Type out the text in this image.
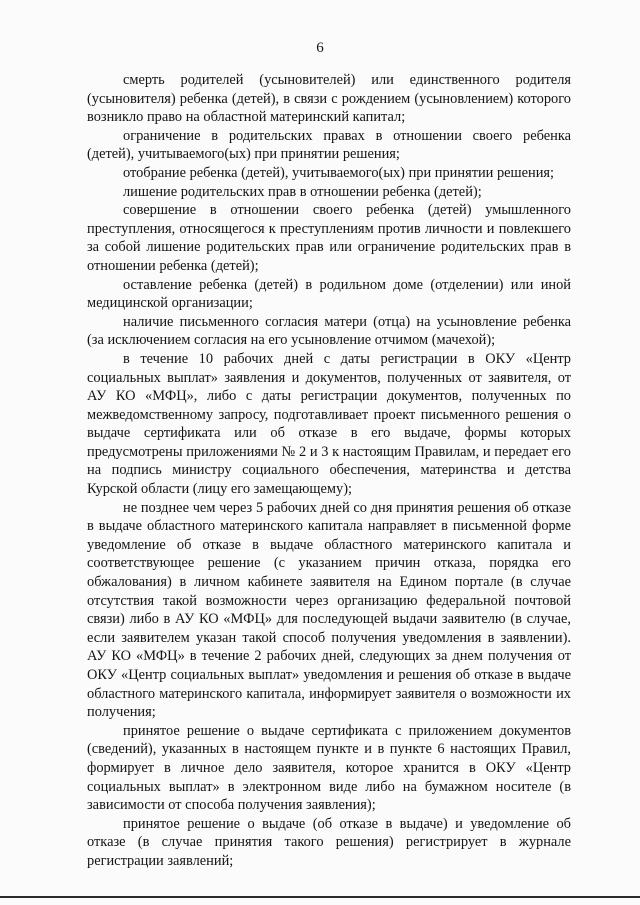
6

смерть родителей (усыновителей) или единственного родителя (усыновителя) ребенка (детей), в связи с рождением (усыновлением) которого возникло право на областной материнский капитал;

ограничение в родительских правах в отношении своего ребенка (детей), учитываемого(ых) при принятии решения;

отобрание ребенка (детей), учитываемого(ых) при принятии решения;

лишение родительских прав в отношении ребенка (детей);

совершение в отношении своего ребенка (детей) умышленного преступления, относящегося к преступлениям против личности и повлекшего за собой лишение родительских прав или ограничение родительских прав в отношении ребенка (детей);

оставление ребенка (детей) в родильном доме (отделении) или иной медицинской организации;

наличие письменного согласия матери (отца) на усыновление ребенка (за исключением согласия на его усыновление отчимом (мачехой);

в течение 10 рабочих дней с даты регистрации в ОКУ «Центр социальных выплат» заявления и документов, полученных от заявителя, от АУ КО «МФЦ», либо с даты регистрации документов, полученных по межведомственному запросу, подготавливает проект письменного решения о выдаче сертификата или об отказе в его выдаче, формы которых предусмотрены приложениями № 2 и 3 к настоящим Правилам, и передает его на подпись министру социального обеспечения, материнства и детства Курской области (лицу его замещающему);

не позднее чем через 5 рабочих дней со дня принятия решения об отказе в выдаче областного материнского капитала направляет в письменной форме уведомление об отказе в выдаче областного материнского капитала и соответствующее решение (с указанием причин отказа, порядка его обжалования) в личном кабинете заявителя на Едином портале (в случае отсутствия такой возможности через организацию федеральной почтовой связи) либо в АУ КО «МФЦ» для последующей выдачи заявителю (в случае, если заявителем указан такой способ получения уведомления в заявлении). АУ КО «МФЦ» в течение 2 рабочих дней, следующих за днем получения от ОКУ «Центр социальных выплат» уведомления и решения об отказе в выдаче областного материнского капитала, информирует заявителя о возможности их получения;

принятое решение о выдаче сертификата с приложением документов (сведений), указанных в настоящем пункте и в пункте 6 настоящих Правил, формирует в личное дело заявителя, которое хранится в ОКУ «Центр социальных выплат» в электронном виде либо на бумажном носителе (в зависимости от способа получения заявления);

принятое решение о выдаче (об отказе в выдаче) и уведомление об отказе (в случае принятия такого решения) регистрирует в журнале регистрации заявлений;
